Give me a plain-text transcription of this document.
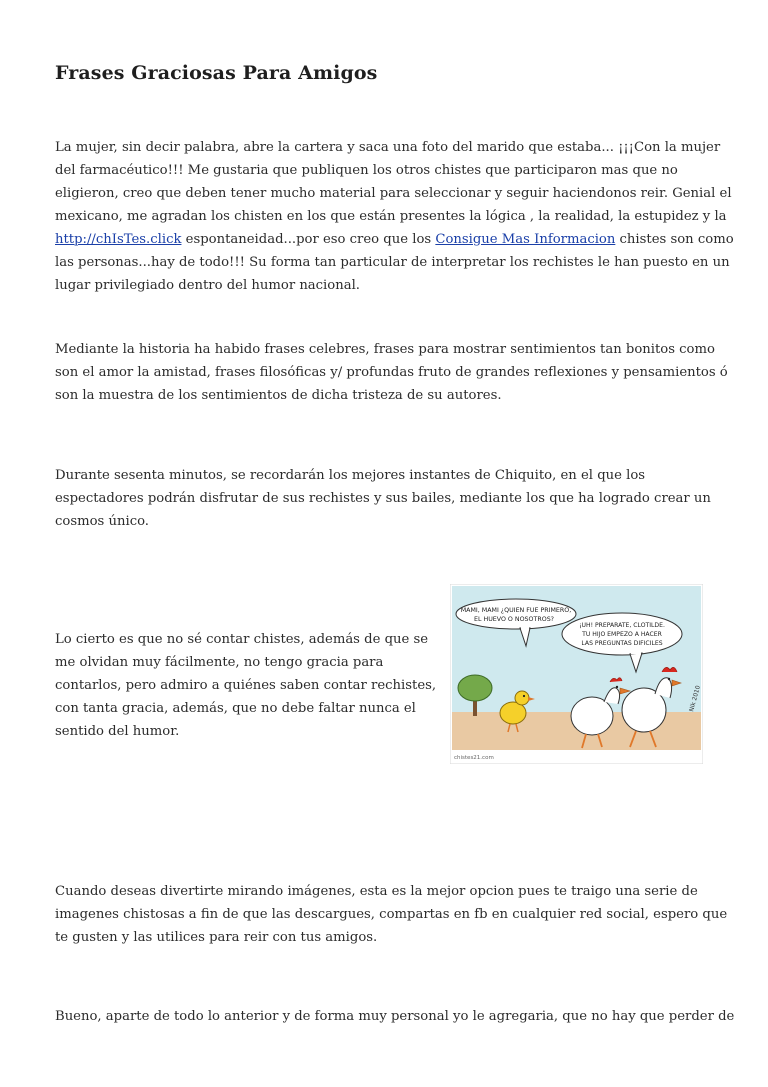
Frases Graciosas Para Amigos
La mujer, sin decir palabra, abre la cartera y saca una foto del marido que estaba... ¡¡¡Con la mujer
del farmacéutico!!! Me gustaria que publiquen los otros chistes que participaron mas que no
eligieron, creo que deben tener mucho material para seleccionar y seguir haciendonos reir. Genial el
mexicano, me agradan los chisten en los que están presentes la lógica , la realidad, la estupidez y la
http://chIsTes.click espontaneidad...por eso creo que los Consigue Mas Informacion chistes son como
las personas...hay de todo!!! Su forma tan particular de interpretar los rechistes le han puesto en un
lugar privilegiado dentro del humor nacional.
Mediante la historia ha habido frases celebres, frases para mostrar sentimientos tan bonitos como
son el amor la amistad, frases filosóficas y/ profundas fruto de grandes reflexiones y pensamientos ó
son la muestra de los sentimientos de dicha tristeza de su autores.
Durante sesenta minutos, se recordarán los mejores instantes de Chiquito, en el que los
espectadores podrán disfrutar de sus rechistes y sus bailes, mediante los que ha logrado crear un
cosmos único.
Lo cierto es que no sé contar chistes, además de que se
me olvidan muy fácilmente, no tengo gracia para
contarlos, pero admiro a quiénes saben contar rechistes,
con tanta gracia, además, que no debe faltar nunca el
sentido del humor.
Cuando deseas divertirte mirando imágenes, esta es la mejor opcion pues te traigo una serie de
imagenes chistosas a fin de que las descargues, compartas en fb en cualquier red social, espero que
te gusten y las utilices para reir con tus amigos.
Bueno, aparte de todo lo anterior y de forma muy personal yo le agregaria, que no hay que perder de
MAMI, MAMI ¿QUIEN FUE PRIMERO,
EL HUEVO O NOSOTROS?
¡UH! PREPARATE, CLOTILDE.
TU HIJO EMPEZO A HACER
LAS PREGUNTAS DIFICILES
Nik 2010
chistes21.com
